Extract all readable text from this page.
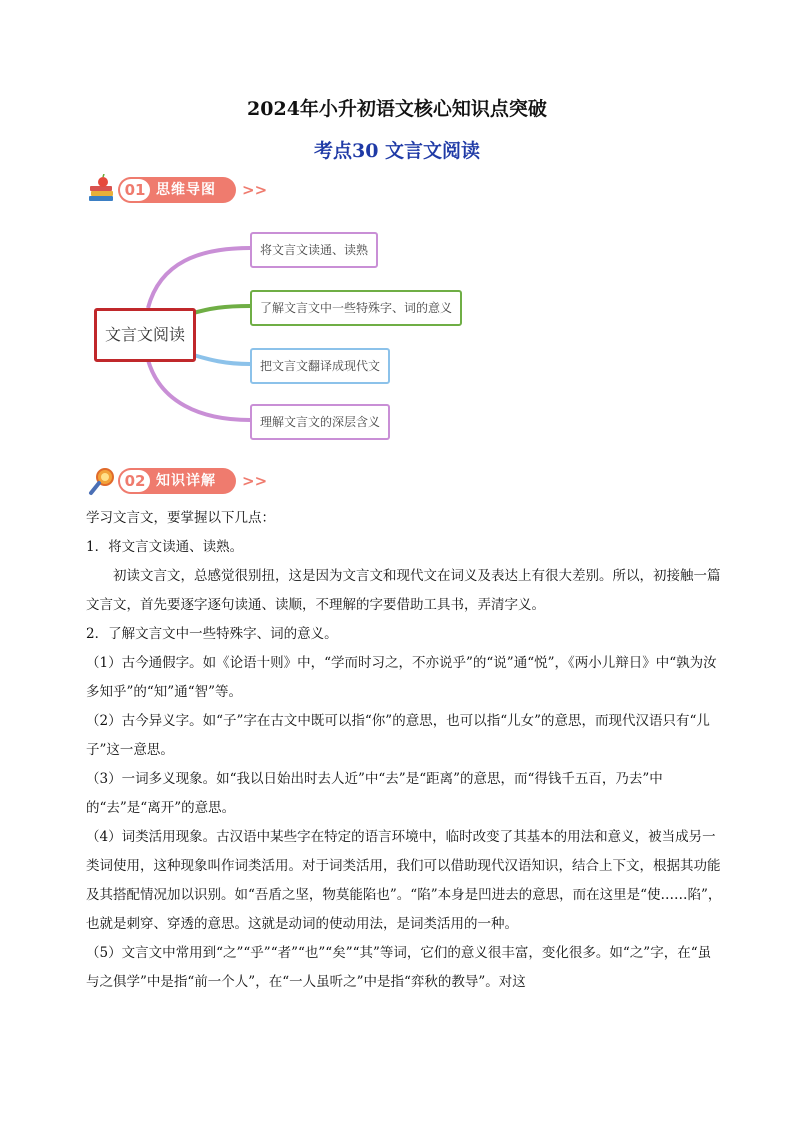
2024年小升初语文核心知识点突破
考点30 文言文阅读
01 思维导图 >>
文言文阅读
将文言文读通、读熟
了解文言文中一些特殊字、词的意义
把文言文翻译成现代文
理解文言文的深层含义
02 知识详解 >>

学习文言文，要掌握以下几点：

1．将文言文读通、读熟。

初读文言文，总感觉很别扭，这是因为文言文和现代文在词义及表达上有很大差别。所以，初接触一篇文言文，首先要逐字逐句读通、读顺，不理解的字要借助工具书，弄清字义。

2．了解文言文中一些特殊字、词的意义。

（1）古今通假字。如《论语十则》中，“学而时习之，不亦说乎”的“说”通“悦”，《两小儿辩日》中“孰为汝多知乎”的“知”通“智”等。

（2）古今异义字。如“子”字在古文中既可以指“你”的意思，也可以指“儿女”的意思，而现代汉语只有“儿子”这一意思。

（3）一词多义现象。如“我以日始出时去人近”中“去”是“距离”的意思，而“得钱千五百，乃去”中的“去”是“离开”的意思。

（4）词类活用现象。古汉语中某些字在特定的语言环境中，临时改变了其基本的用法和意义，被当成另一类词使用，这种现象叫作词类活用。对于词类活用，我们可以借助现代汉语知识，结合上下文，根据其功能及其搭配情况加以识别。如“吾盾之坚，物莫能陷也”。“陷”本身是凹进去的意思，而在这里是“使……陷”，也就是刺穿、穿透的意思。这就是动词的使动用法，是词类活用的一种。

（5）文言文中常用到“之”“乎”“者”“也”“矣”“其”等词，它们的意义很丰富，变化很多。如“之”字，在“虽与之俱学”中是指“前一个人”，在“一人虽听之”中是指“弈秋的教导”。对这
